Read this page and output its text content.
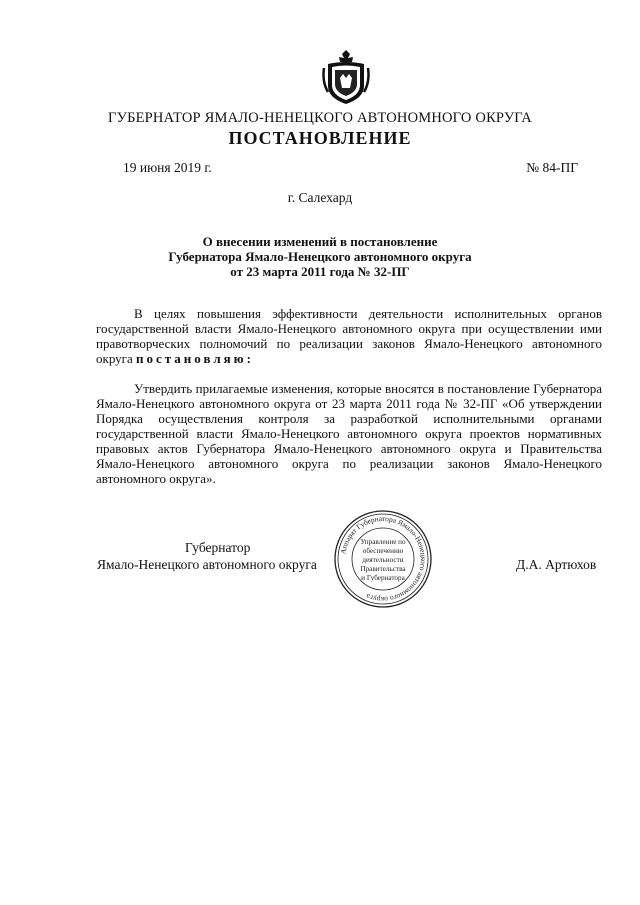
ГУБЕРНАТОР ЯМАЛО-НЕНЕЦКОГО АВТОНОМНОГО ОКРУГА
ПОСТАНОВЛЕНИЕ
19 июня 2019 г.	№ 84-ПГ
г. Салехард
О внесении изменений в постановление
Губернатора Ямало-Ненецкого автономного округа
от 23 марта 2011 года № 32-ПГ
В целях повышения эффективности деятельности исполнительных органов государственной власти Ямало-Ненецкого автономного округа при осуществлении ими правотворческих полномочий по реализации законов Ямало-Ненецкого автономного округа постановляю:
Утвердить прилагаемые изменения, которые вносятся в постановление Губернатора Ямало-Ненецкого автономного округа от 23 марта 2011 года № 32-ПГ «Об утверждении Порядка осуществления контроля за разработкой исполнительными органами государственной власти Ямало-Ненецкого автономного округа проектов нормативных правовых актов Губернатора Ямало-Ненецкого автономного округа и Правительства Ямало-Ненецкого автономного округа по реализации законов Ямало-Ненецкого автономного округа».
Губернатор
Ямало-Ненецкого автономного округа	Д.А. Артюхов
Аппарат Губернатора Ямало-Ненецкого автономного округа
Управление по
обеспечению
деятельности
Правительства
и Губернатора
